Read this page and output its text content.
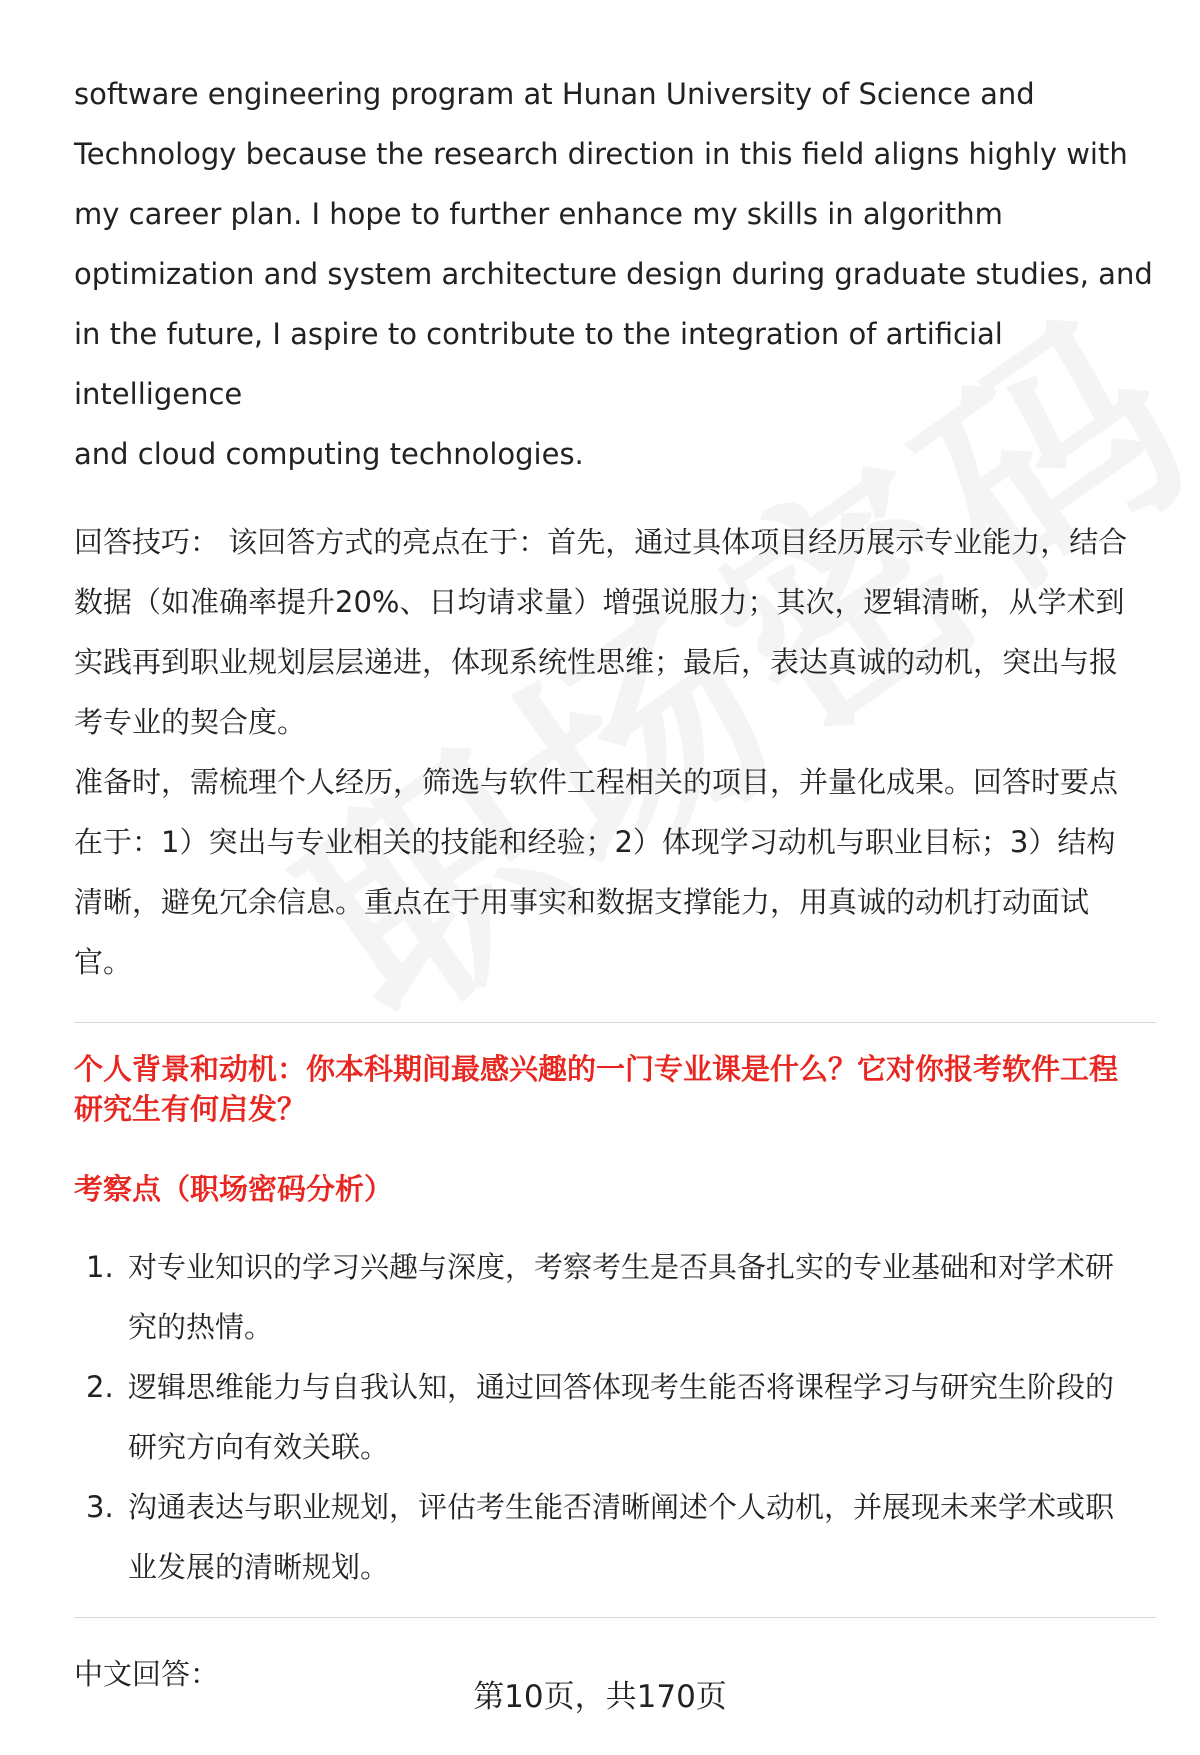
software engineering program at Hunan University of Science and
Technology because the research direction in this field aligns highly with
my career plan. I hope to further enhance my skills in algorithm
optimization and system architecture design during graduate studies, and
in the future, I aspire to contribute to the integration of artificial intelligence
and cloud computing technologies.
回答技巧： 该回答方式的亮点在于：首先，通过具体项目经历展示专业能力，结合
数据（如准确率提升20%、日均请求量）增强说服力；其次，逻辑清晰，从学术到
实践再到职业规划层层递进，体现系统性思维；最后，表达真诚的动机，突出与报
考专业的契合度。
准备时，需梳理个人经历，筛选与软件工程相关的项目，并量化成果。回答时要点
在于：1）突出与专业相关的技能和经验；2）体现学习动机与职业目标；3）结构
清晰，避免冗余信息。重点在于用事实和数据支撑能力，用真诚的动机打动面试
官。
个人背景和动机：你本科期间最感兴趣的一门专业课是什么？它对你报考软件工程
研究生有何启发？
考察点（职场密码分析）
1. 对专业知识的学习兴趣与深度，考察考生是否具备扎实的专业基础和对学术研
究的热情。
2. 逻辑思维能力与自我认知，通过回答体现考生能否将课程学习与研究生阶段的
研究方向有效关联。
3. 沟通表达与职业规划，评估考生能否清晰阐述个人动机，并展现未来学术或职
业发展的清晰规划。
中文回答：
第10页，共170页
